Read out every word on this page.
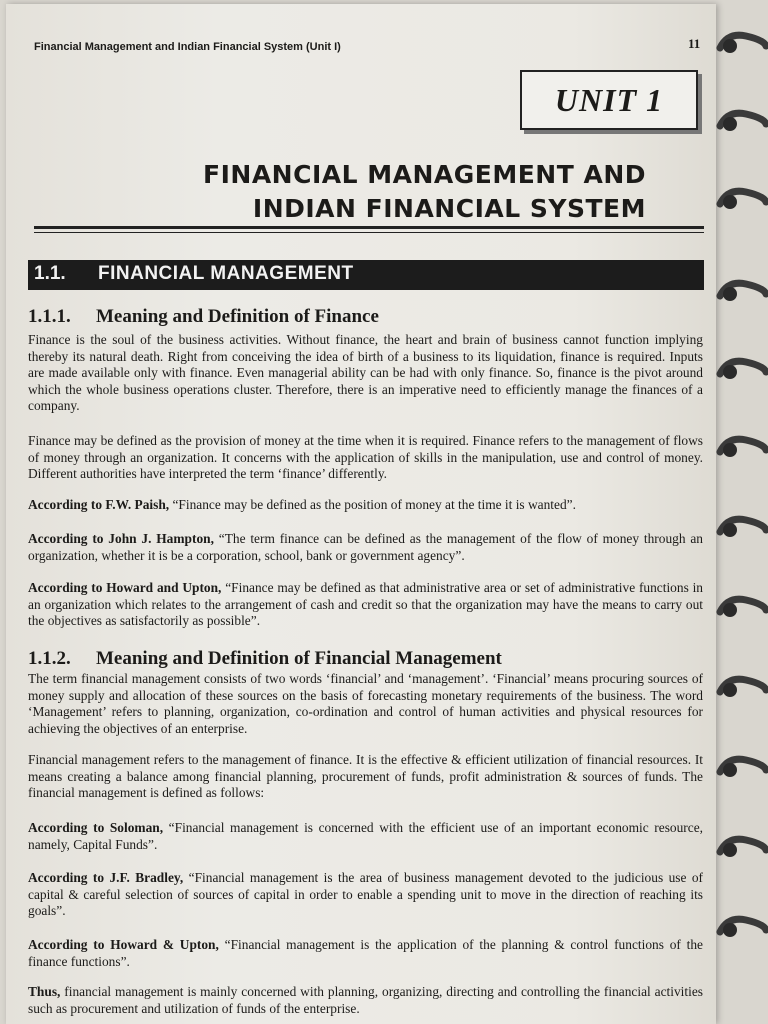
Financial Management and Indian Financial System (Unit I)	11
UNIT 1
FINANCIAL MANAGEMENT AND
INDIAN FINANCIAL SYSTEM
1.1. FINANCIAL MANAGEMENT
1.1.1. Meaning and Definition of Finance
Finance is the soul of the business activities. Without finance, the heart and brain of business cannot function implying thereby its natural death. Right from conceiving the idea of birth of a business to its liquidation, finance is required. Inputs are made available only with finance. Even managerial ability can be had with only finance. So, finance is the pivot around which the whole business operations cluster. Therefore, there is an imperative need to efficiently manage the finances of a company.
Finance may be defined as the provision of money at the time when it is required. Finance refers to the management of flows of money through an organization. It concerns with the application of skills in the manipulation, use and control of money. Different authorities have interpreted the term ‘finance’ differently.
According to F.W. Paish, “Finance may be defined as the position of money at the time it is wanted”.
According to John J. Hampton, “The term finance can be defined as the management of the flow of money through an organization, whether it is be a corporation, school, bank or government agency”.
According to Howard and Upton, “Finance may be defined as that administrative area or set of administrative functions in an organization which relates to the arrangement of cash and credit so that the organization may have the means to carry out the objectives as satisfactorily as possible”.
1.1.2. Meaning and Definition of Financial Management
The term financial management consists of two words ‘financial’ and ‘management’. ‘Financial’ means procuring sources of money supply and allocation of these sources on the basis of forecasting monetary requirements of the business. The word ‘Management’ refers to planning, organization, co-ordination and control of human activities and physical resources for achieving the objectives of an enterprise.
Financial management refers to the management of finance. It is the effective & efficient utilization of financial resources. It means creating a balance among financial planning, procurement of funds, profit administration & sources of funds. The financial management is defined as follows:
According to Soloman, “Financial management is concerned with the efficient use of an important economic resource, namely, Capital Funds”.
According to J.F. Bradley, “Financial management is the area of business management devoted to the judicious use of capital & careful selection of sources of capital in order to enable a spending unit to move in the direction of reaching its goals”.
According to Howard & Upton, “Financial management is the application of the planning & control functions of the finance functions”.
Thus, financial management is mainly concerned with planning, organizing, directing and controlling the financial activities such as procurement and utilization of funds of the enterprise.
